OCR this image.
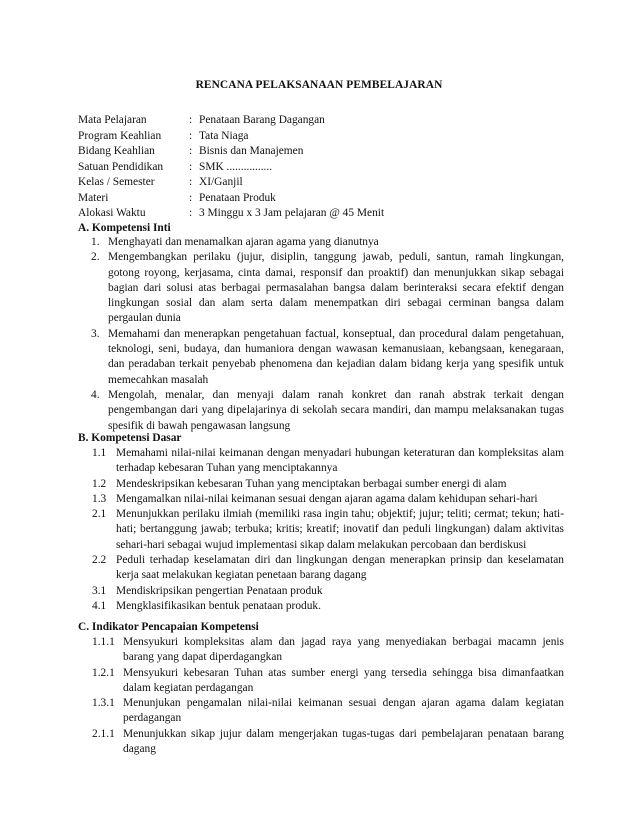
RENCANA PELAKSANAAN PEMBELAJARAN
Mata Pelajaran	: Penataan Barang Dagangan
Program Keahlian	: Tata Niaga
Bidang Keahlian	: Bisnis dan Manajemen
Satuan Pendidikan	: SMK ................
Kelas / Semester	: XI/Ganjil
Materi	: Penataan Produk
Alokasi Waktu	: 3 Minggu x 3 Jam pelajaran @ 45 Menit
A. Kompetensi Inti
1. Menghayati dan menamalkan ajaran agama yang dianutnya
2. Mengembangkan perilaku (jujur, disiplin, tanggung jawab, peduli, santun, ramah lingkungan, gotong royong, kerjasama, cinta damai, responsif dan proaktif) dan menunjukkan sikap sebagai bagian dari solusi atas berbagai permasalahan bangsa dalam berinteraksi secara efektif dengan lingkungan sosial dan alam serta dalam menempatkan diri sebagai cerminan bangsa dalam pergaulan dunia
3. Memahami dan menerapkan pengetahuan factual, konseptual, dan procedural dalam pengetahuan, teknologi, seni, budaya, dan humaniora dengan wawasan kemanusiaan, kebangsaan, kenegaraan, dan peradaban terkait penyebab phenomena dan kejadian dalam bidang kerja yang spesifik untuk memecahkan masalah
4. Mengolah, menalar, dan menyaji dalam ranah konkret dan ranah abstrak terkait dengan pengembangan dari yang dipelajarinya di sekolah secara mandiri, dan mampu melaksanakan tugas spesifik di bawah pengawasan langsung
B. Kompetensi Dasar
1.1 Memahami nilai-nilai keimanan dengan menyadari hubungan keteraturan dan kompleksitas alam terhadap kebesaran Tuhan yang menciptakannya
1.2 Mendeskripsikan kebesaran Tuhan yang menciptakan berbagai sumber energi di alam
1.3 Mengamalkan nilai-nilai keimanan sesuai dengan ajaran agama dalam kehidupan sehari-hari
2.1 Menunjukkan perilaku ilmiah (memiliki rasa ingin tahu; objektif; jujur; teliti; cermat; tekun; hati-hati; bertanggung jawab; terbuka; kritis; kreatif; inovatif dan peduli lingkungan) dalam aktivitas sehari-hari sebagai wujud implementasi sikap dalam melakukan percobaan dan berdiskusi
2.2 Peduli terhadap keselamatan diri dan lingkungan dengan menerapkan prinsip dan keselamatan kerja saat melakukan kegiatan penetaan barang dagang
3.1 Mendiskripsikan pengertian Penataan produk
4.1 Mengklasifikasikan bentuk penataan produk.
C. Indikator Pencapaian Kompetensi
1.1.1 Mensyukuri kompleksitas alam dan jagad raya yang menyediakan berbagai macamn jenis barang yang dapat diperdagangkan
1.2.1 Mensyukuri kebesaran Tuhan atas sumber energi yang tersedia sehingga bisa dimanfaatkan dalam kegiatan perdagangan
1.3.1 Menunjukan pengamalan nilai-nilai keimanan sesuai dengan ajaran agama dalam kegiatan perdagangan
2.1.1 Menunjukkan sikap jujur dalam mengerjakan tugas-tugas dari pembelajaran penataan barang dagang
